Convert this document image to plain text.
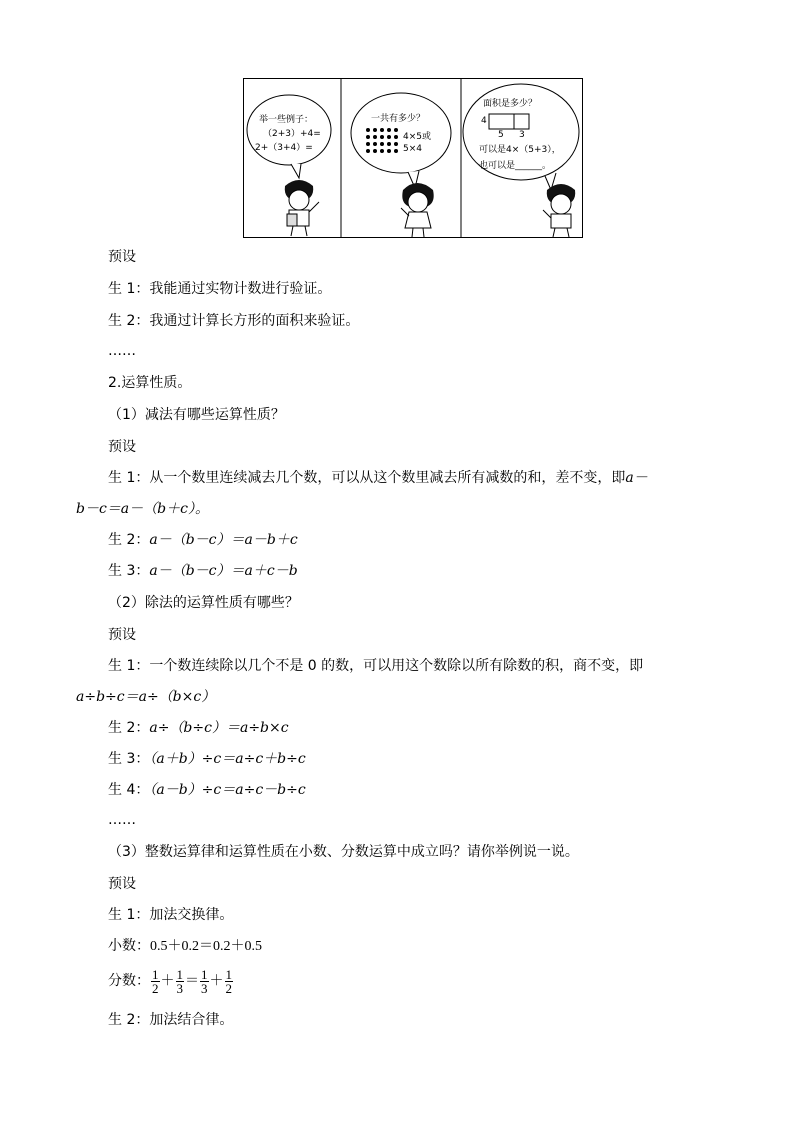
举一些例子：
（2+3）+4=
2+（3+4）=
一共有多少？
4×5或
5×4
面积是多少？
4
5 3
可以是4×（5+3），
也可以是______。
预设
生 1：我能通过实物计数进行验证。
生 2：我通过计算长方形的面积来验证。
……
2.运算性质。
（1）减法有哪些运算性质？
预设
生 1：从一个数里连续减去几个数，可以从这个数里减去所有减数的和，差不变，即a－
b－c＝a－（b＋c）。
生 2：a－（b－c）＝a－b＋c
生 3：a－（b－c）＝a＋c－b
（2）除法的运算性质有哪些？
预设
生 1：一个数连续除以几个不是 0 的数，可以用这个数除以所有除数的积，商不变，即
a÷b÷c＝a÷（b×c）
生 2：a÷（b÷c）＝a÷b×c
生 3：（a＋b）÷c＝a÷c＋b÷c
生 4：（a－b）÷c＝a÷c－b÷c
……
（3）整数运算律和运算性质在小数、分数运算中成立吗？请你举例说一说。
预设
生 1：加法交换律。
小数：0.5＋0.2＝0.2＋0.5
分数： $\frac{1}{2} + \frac{1}{3} = \frac{1}{3} + \frac{1}{2}$
生 2：加法结合律。
